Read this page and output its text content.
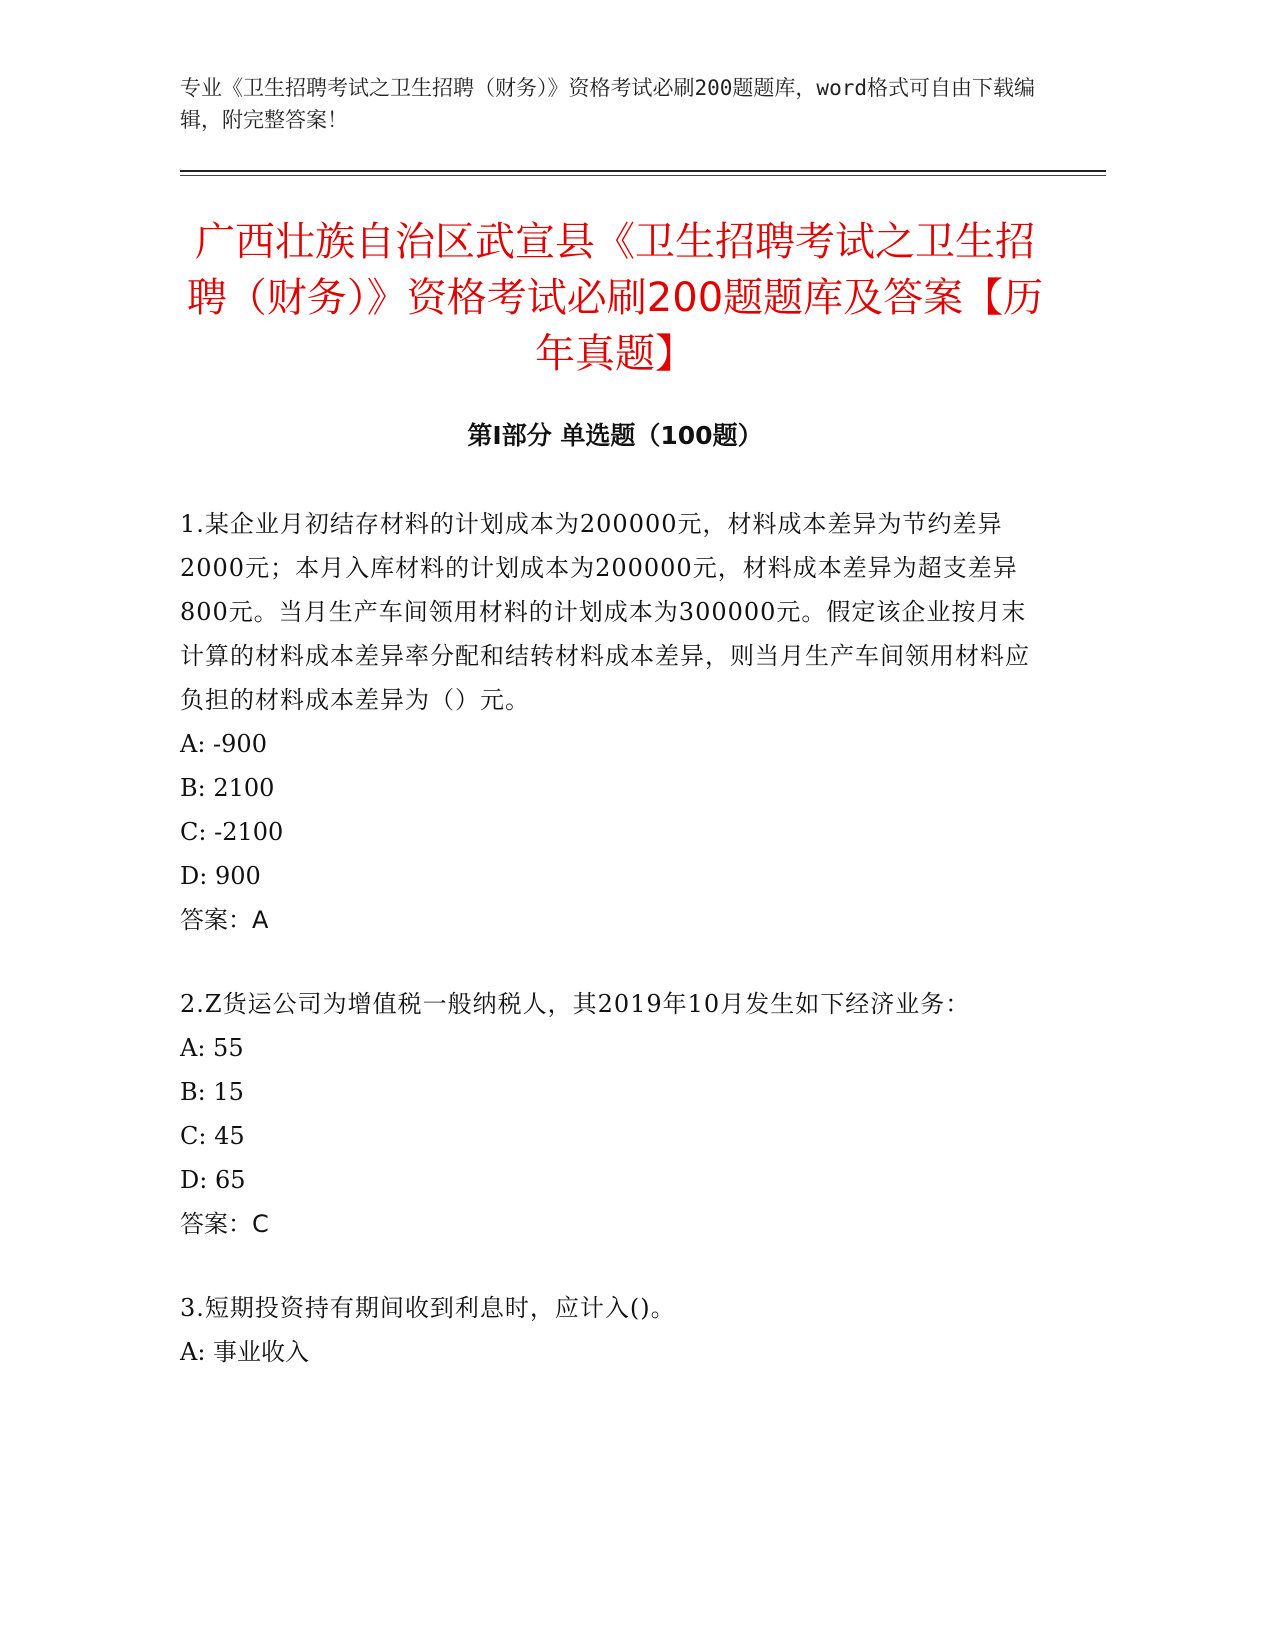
专业《卫生招聘考试之卫生招聘（财务）》资格考试必刷200题题库，word格式可自由下载编辑，附完整答案！
广西壮族自治区武宣县《卫生招聘考试之卫生招聘（财务）》资格考试必刷200题题库及答案【历年真题】
第I部分 单选题（100题）

1.某企业月初结存材料的计划成本为200000元，材料成本差异为节约差异2000元；本月入库材料的计划成本为200000元，材料成本差异为超支差异800元。当月生产车间领用材料的计划成本为300000元。假定该企业按月末计算的材料成本差异率分配和结转材料成本差异，则当月生产车间领用材料应负担的材料成本差异为（）元。

A: -900

B: 2100

C: -2100

D: 900

答案：A

2.Z货运公司为增值税一般纳税人，其2019年10月发生如下经济业务：

A: 55

B: 15

C: 45

D: 65

答案：C

3.短期投资持有期间收到利息时，应计入()。

A: 事业收入
